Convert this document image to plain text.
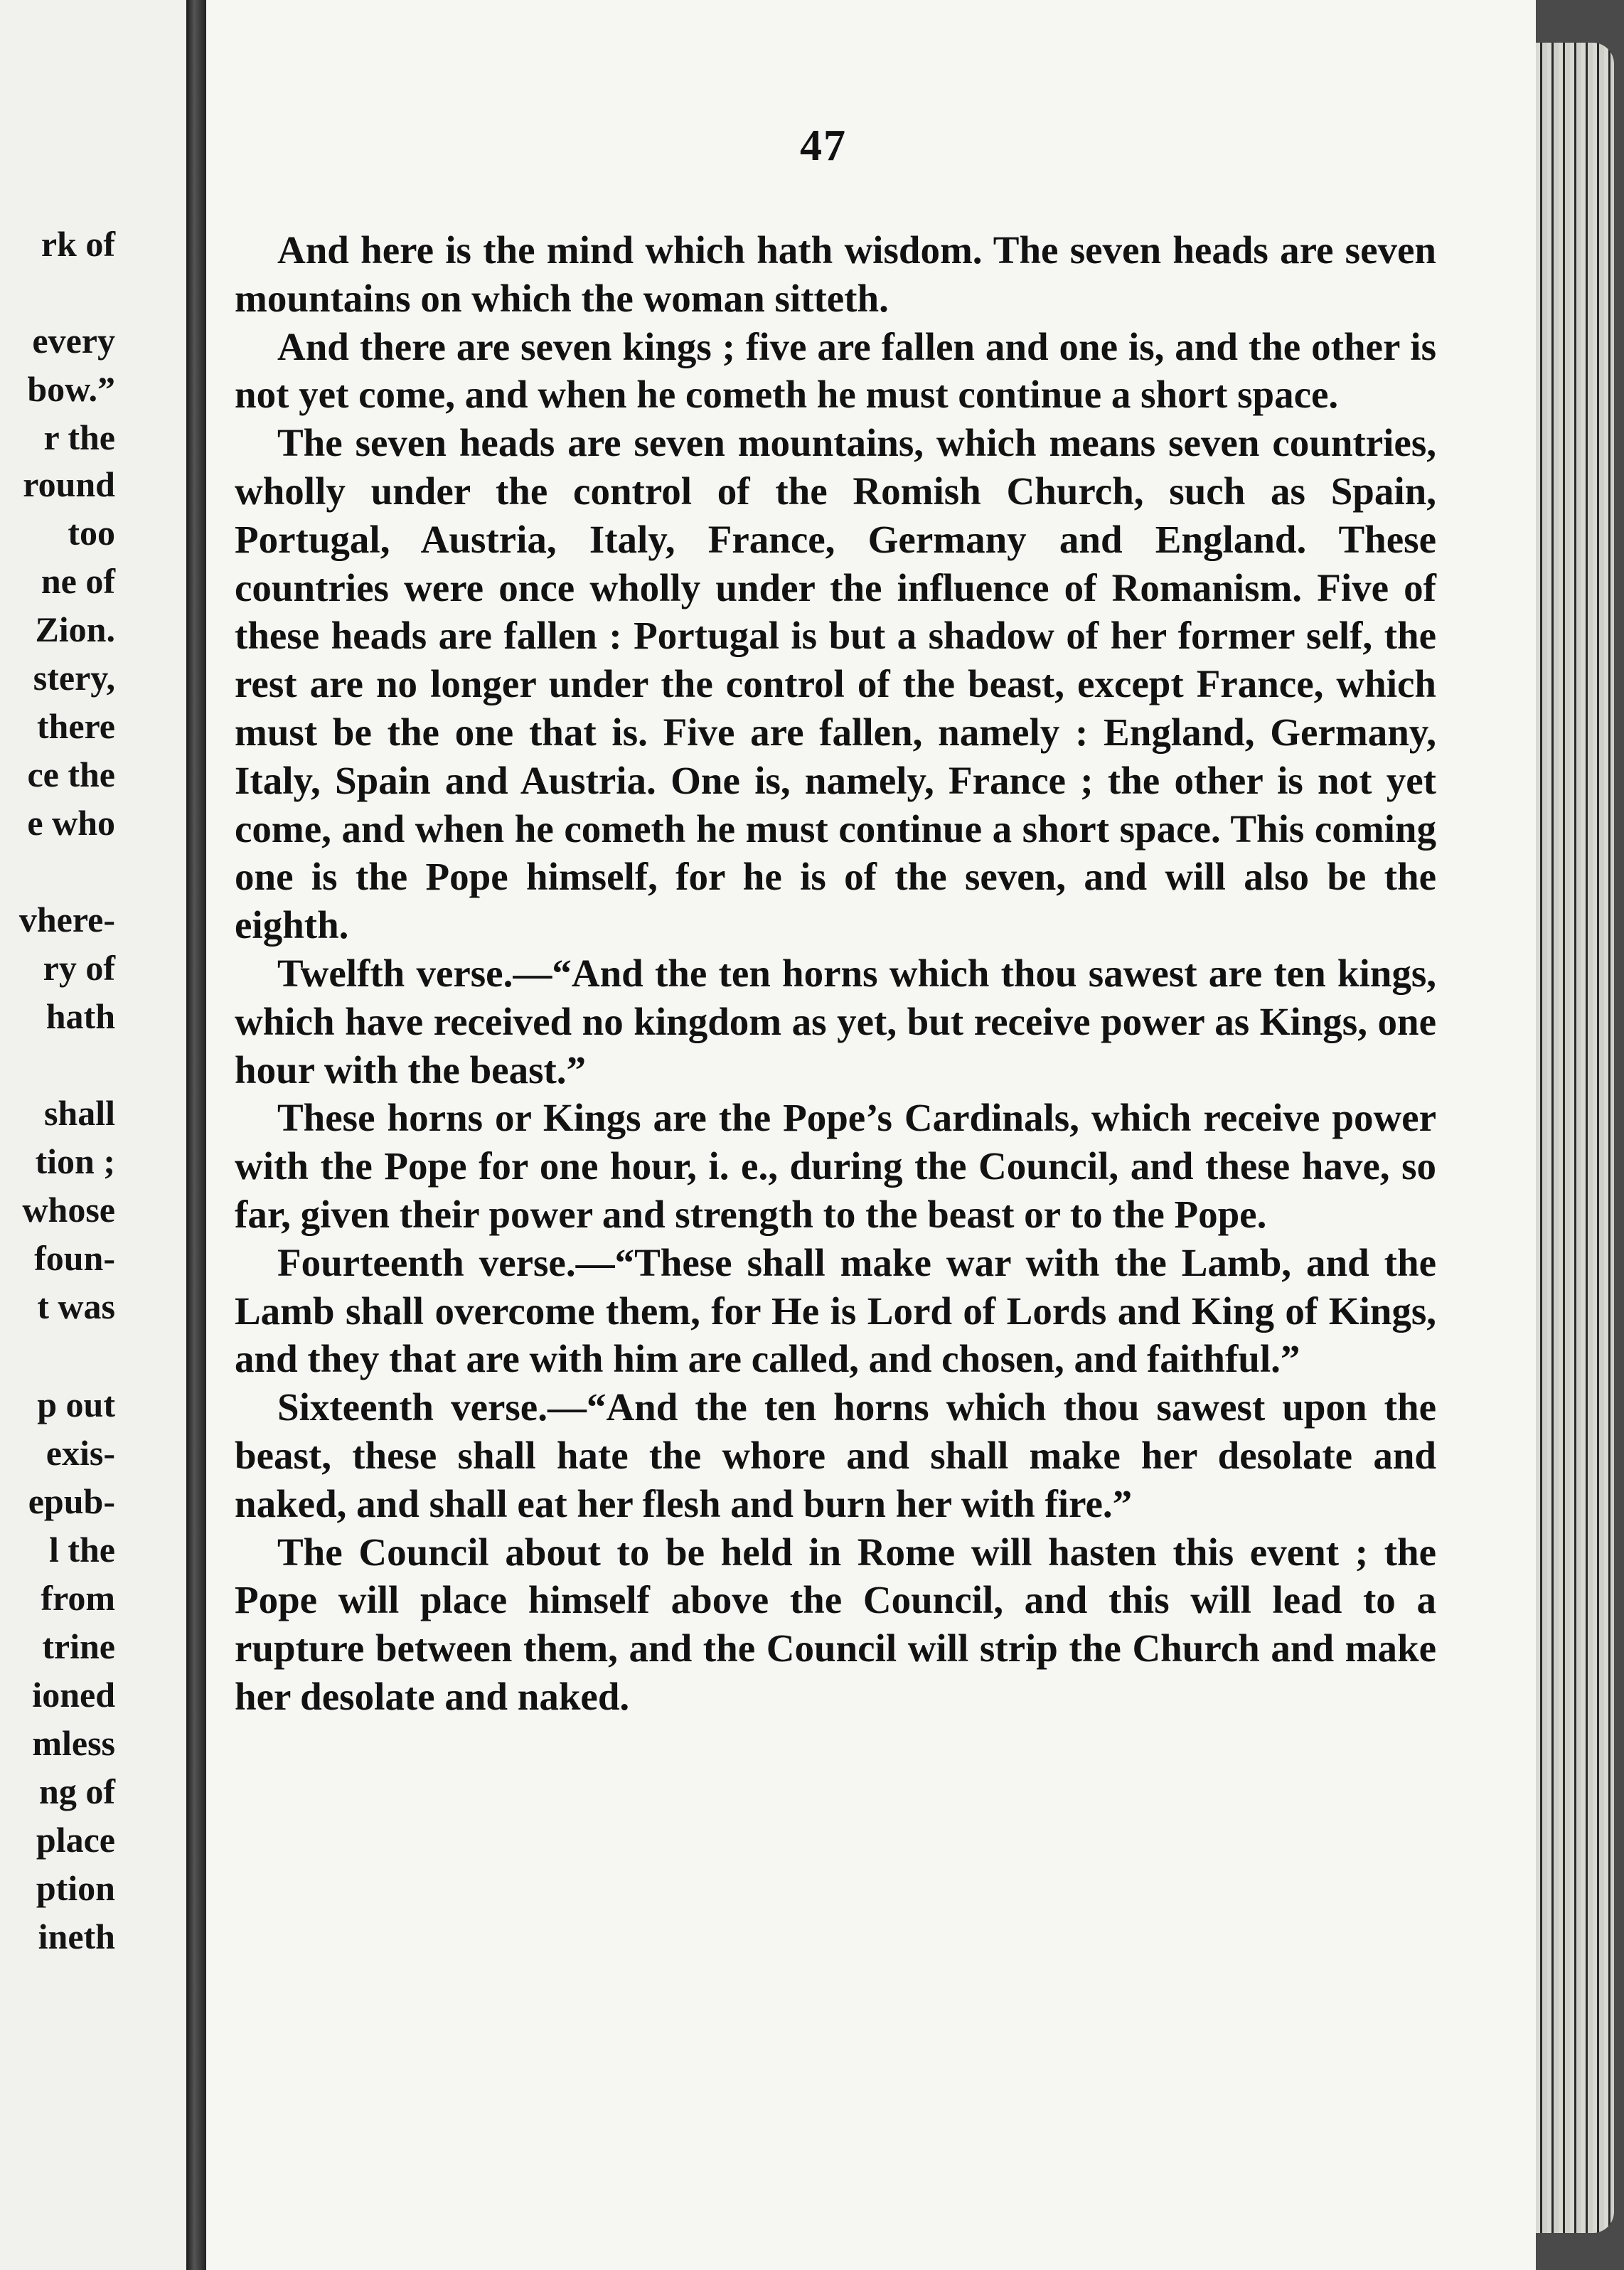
rk of
every
bow.”
r the
round
too
ne of
Zion.
stery,
there
ce the
e who
vhere-
ry of
hath
shall
tion ;
whose
foun-
t was
p out
exis-
epub-
l the
from
trine
ioned
mless
ng of
place
ption
ineth
47

And here is the mind which hath wisdom. The seven heads are seven mountains on which the woman sitteth.

And there are seven kings ; five are fallen and one is, and the other is not yet come, and when he cometh he must continue a short space.

The seven heads are seven mountains, which means seven countries, wholly under the control of the Romish Church, such as Spain, Portugal, Austria, Italy, France, Germany and England. These countries were once wholly under the influence of Romanism. Five of these heads are fallen : Portugal is but a shadow of her former self, the rest are no longer under the control of the beast, except France, which must be the one that is. Five are fallen, namely : England, Germany, Italy, Spain and Austria. One is, namely, France ; the other is not yet come, and when he cometh he must continue a short space. This coming one is the Pope himself, for he is of the seven, and will also be the eighth.

Twelfth verse.—“And the ten horns which thou sawest are ten kings, which have received no kingdom as yet, but receive power as Kings, one hour with the beast.”

These horns or Kings are the Pope’s Cardinals, which receive power with the Pope for one hour, i. e., during the Council, and these have, so far, given their power and strength to the beast or to the Pope.

Fourteenth verse.—“These shall make war with the Lamb, and the Lamb shall overcome them, for He is Lord of Lords and King of Kings, and they that are with him are called, and chosen, and faithful.”

Sixteenth verse.—“And the ten horns which thou sawest upon the beast, these shall hate the whore and shall make her desolate and naked, and shall eat her flesh and burn her with fire.”

The Council about to be held in Rome will hasten this event ; the Pope will place himself above the Council, and this will lead to a rupture between them, and the Council will strip the Church and make her desolate and naked.
